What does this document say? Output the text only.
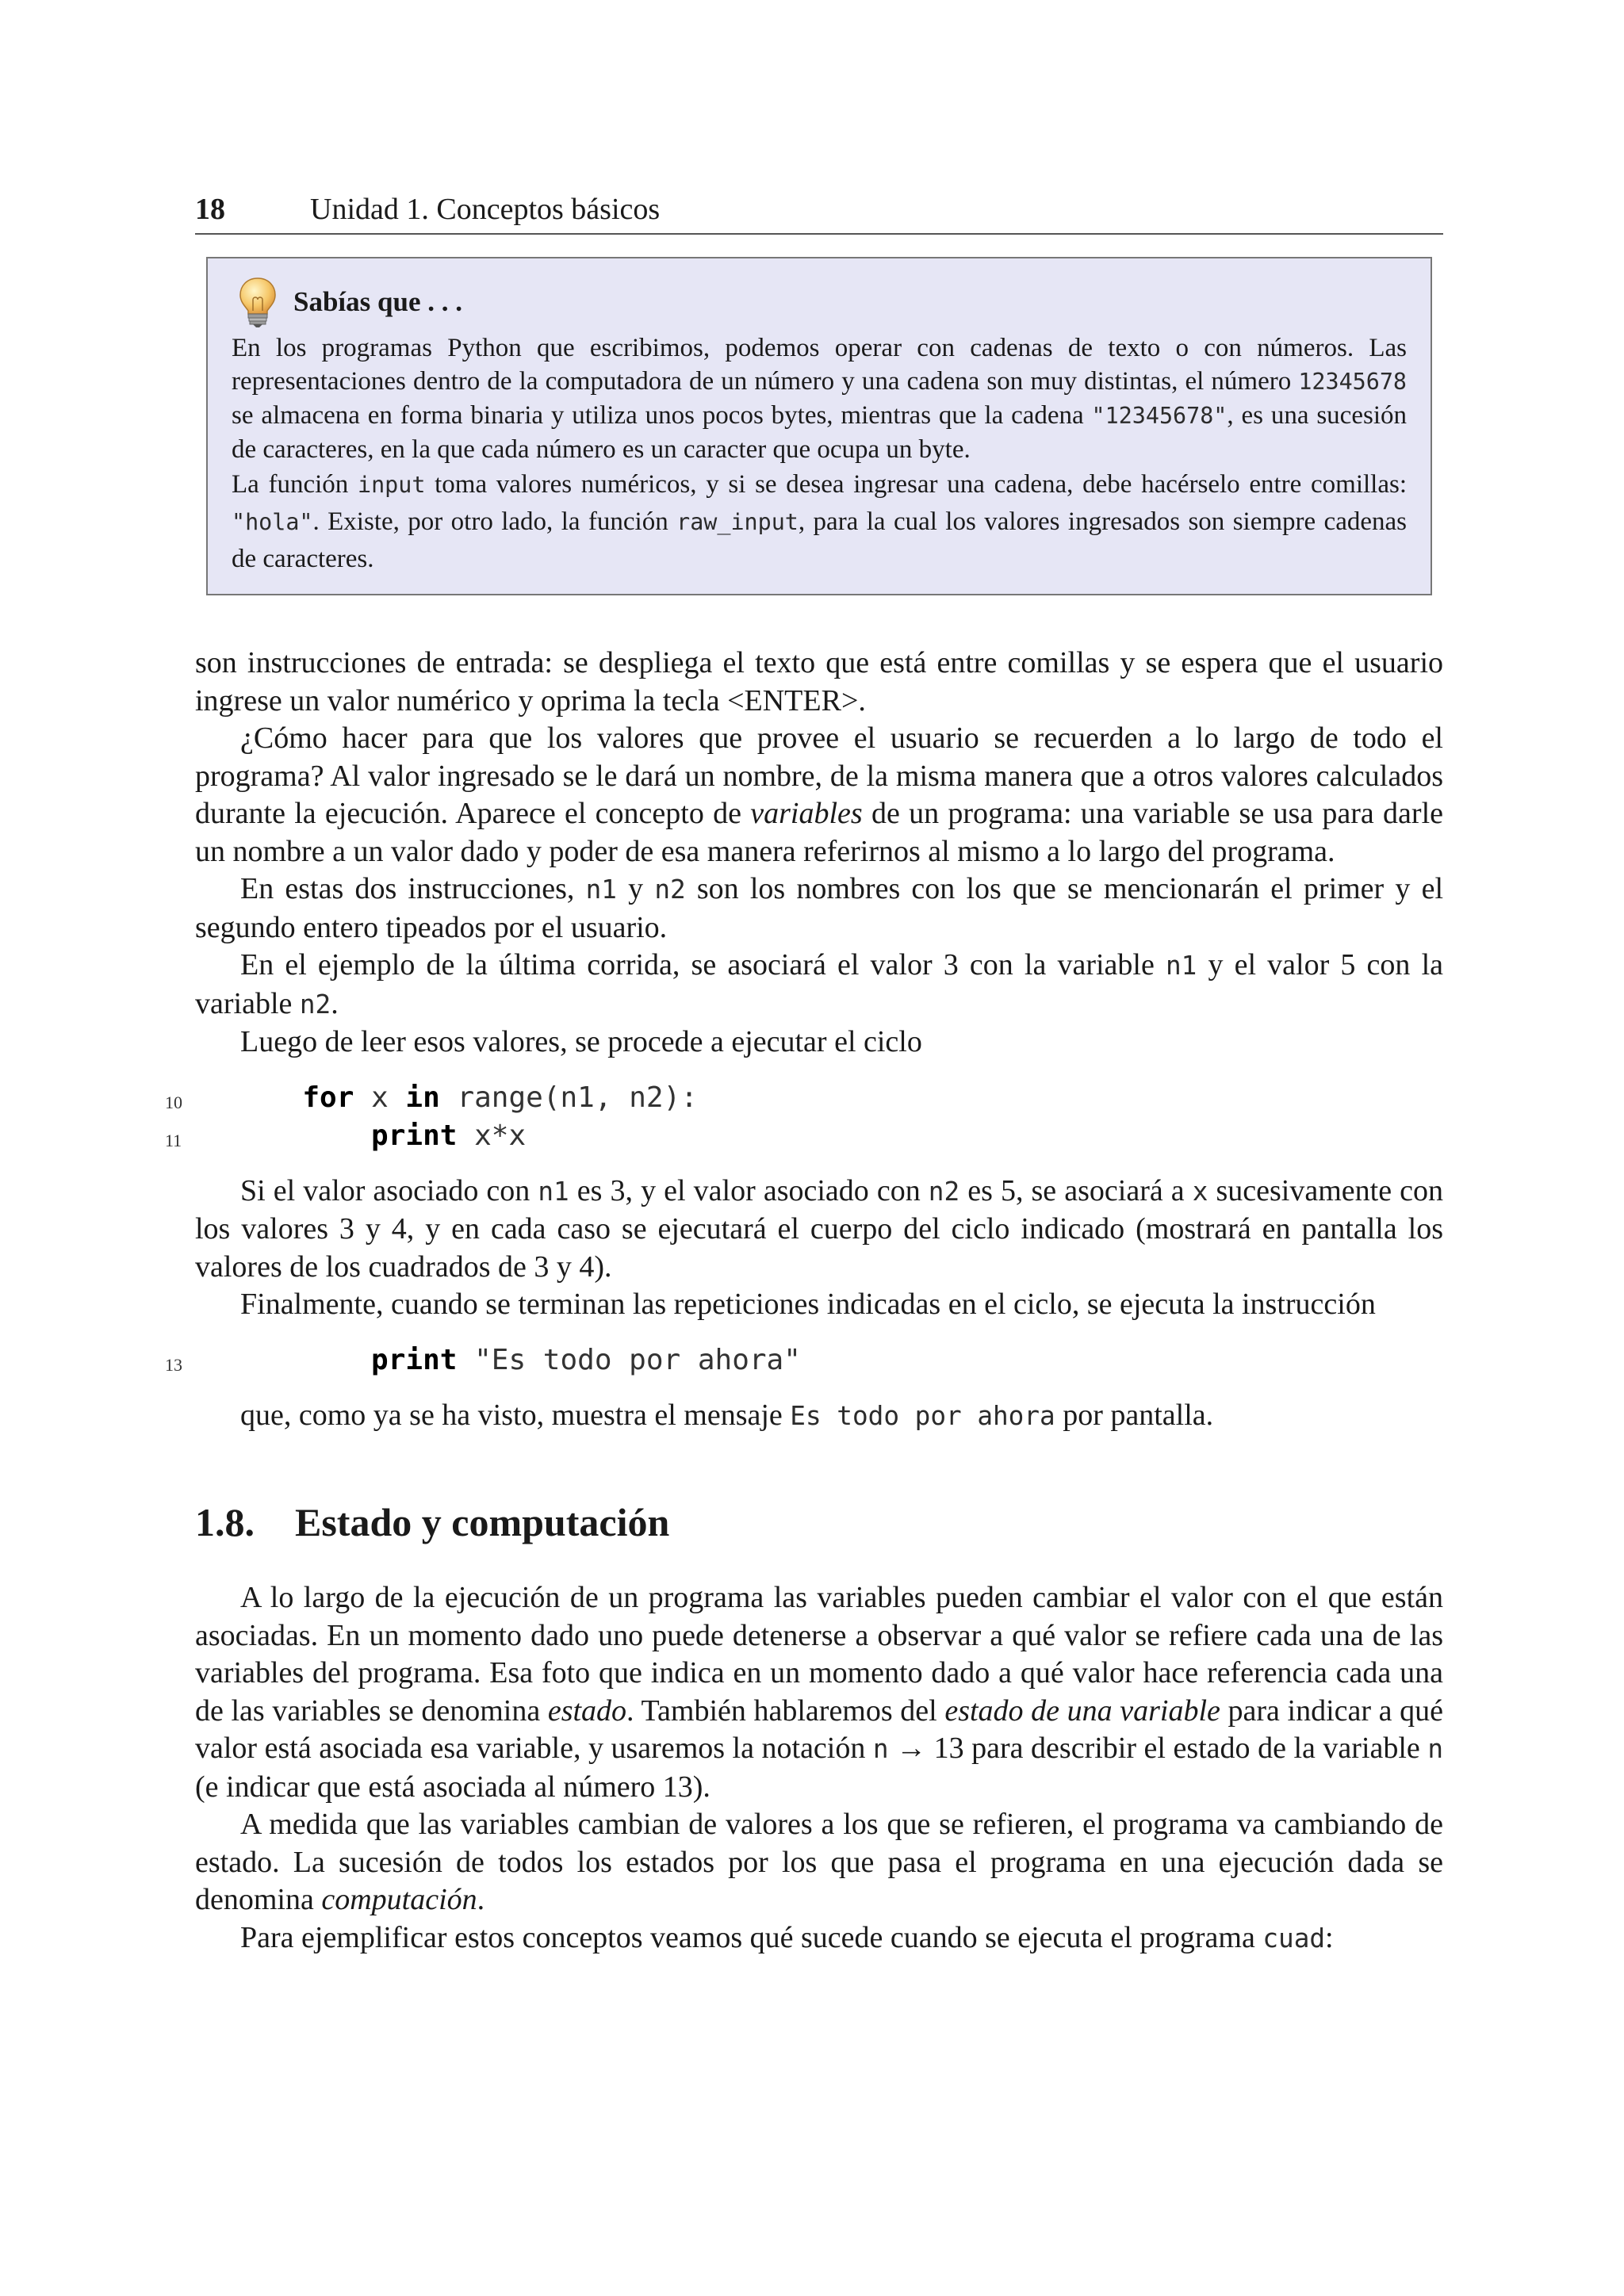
18	Unidad 1. Conceptos básicos
Sabías que . . .

En los programas Python que escribimos, podemos operar con cadenas de texto o con números. Las representaciones dentro de la computadora de un número y una cadena son muy distintas, el número 12345678 se almacena en forma binaria y utiliza unos pocos bytes, mientras que la cadena "12345678", es una sucesión de caracteres, en la que cada número es un caracter que ocupa un byte.

La función input toma valores numéricos, y si se desea ingresar una cadena, debe hacérselo entre comillas: "hola". Existe, por otro lado, la función raw_input, para la cual los valores ingresados son siempre cadenas de caracteres.

son instrucciones de entrada: se despliega el texto que está entre comillas y se espera que el usuario ingrese un valor numérico y oprima la tecla <ENTER>.

¿Cómo hacer para que los valores que provee el usuario se recuerden a lo largo de todo el programa? Al valor ingresado se le dará un nombre, de la misma manera que a otros valores calculados durante la ejecución. Aparece el concepto de variables de un programa: una variable se usa para darle un nombre a un valor dado y poder de esa manera referirnos al mismo a lo largo del programa.

En estas dos instrucciones, n1 y n2 son los nombres con los que se mencionarán el primer y el segundo entero tipeados por el usuario.

En el ejemplo de la última corrida, se asociará el valor 3 con la variable n1 y el valor 5 con la variable n2.

Luego de leer esos valores, se procede a ejecutar el ciclo

10	for x in range(n1, n2):
11	print x*x

Si el valor asociado con n1 es 3, y el valor asociado con n2 es 5, se asociará a x sucesivamente con los valores 3 y 4, y en cada caso se ejecutará el cuerpo del ciclo indicado (mostrará en pantalla los valores de los cuadrados de 3 y 4).

Finalmente, cuando se terminan las repeticiones indicadas en el ciclo, se ejecuta la instrucción

13	print "Es todo por ahora"

que, como ya se ha visto, muestra el mensaje Es todo por ahora por pantalla.

1.8.	Estado y computación

A lo largo de la ejecución de un programa las variables pueden cambiar el valor con el que están asociadas. En un momento dado uno puede detenerse a observar a qué valor se refiere cada una de las variables del programa. Esa foto que indica en un momento dado a qué valor hace referencia cada una de las variables se denomina estado. También hablaremos del estado de una variable para indicar a qué valor está asociada esa variable, y usaremos la notación n → 13 para describir el estado de la variable n (e indicar que está asociada al número 13).

A medida que las variables cambian de valores a los que se refieren, el programa va cambiando de estado. La sucesión de todos los estados por los que pasa el programa en una ejecución dada se denomina computación.

Para ejemplificar estos conceptos veamos qué sucede cuando se ejecuta el programa cuad:
